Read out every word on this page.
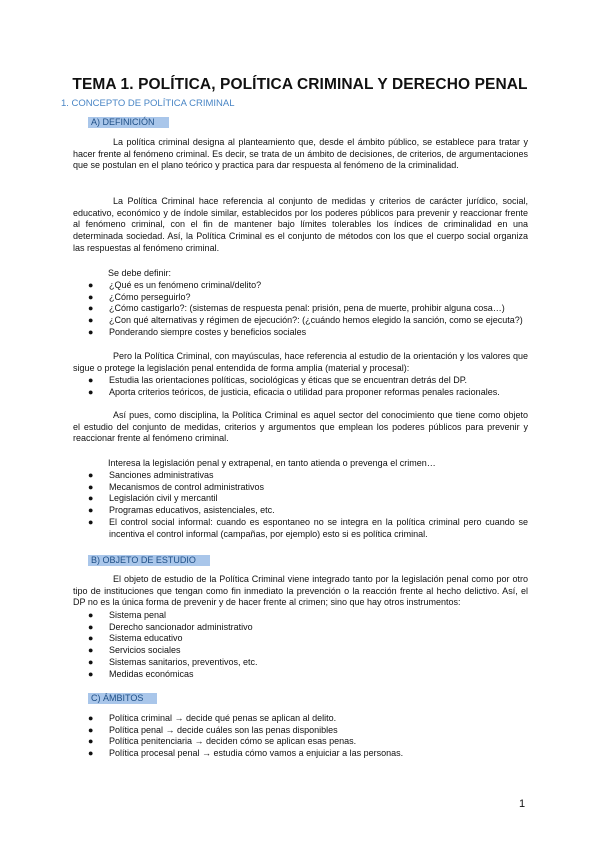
TEMA 1. POLÍTICA, POLÍTICA CRIMINAL Y DERECHO PENAL
1. CONCEPTO DE POLÍTICA CRIMINAL
A) DEFINICIÓN

La política criminal designa al planteamiento que, desde el ámbito público, se establece para tratar y hacer frente al fenómeno criminal. Es decir, se trata de un ámbito de decisiones, de criterios, de argumentaciones que se postulan en el plano teórico y practica para dar respuesta al fenómeno de la criminalidad.

La Política Criminal hace referencia al conjunto de medidas y criterios de carácter jurídico, social, educativo, económico y de índole similar, establecidos por los poderes públicos para prevenir y reaccionar frente al fenómeno criminal, con el fin de mantener bajo límites tolerables los índices de criminalidad en una determinada sociedad. Así, la Política Criminal es el conjunto de métodos con los que el cuerpo social organiza las respuestas al fenómeno criminal.

Se debe definir:

● ¿Qué es un fenómeno criminal/delito?
● ¿Cómo perseguirlo?
● ¿Cómo castigarlo?: (sistemas de respuesta penal: prisión, pena de muerte, prohibir alguna cosa…)
● ¿Con qué alternativas y régimen de ejecución?: (¿cuándo hemos elegido la sanción, como se ejecuta?)
● Ponderando siempre costes y beneficios sociales

Pero la Política Criminal, con mayúsculas, hace referencia al estudio de la orientación y los valores que sigue o protege la legislación penal entendida de forma amplia (material y procesal):

● Estudia las orientaciones políticas, sociológicas y éticas que se encuentran detrás del DP.
● Aporta criterios teóricos, de justicia, eficacia o utilidad para proponer reformas penales racionales.

Así pues, como disciplina, la Política Criminal es aquel sector del conocimiento que tiene como objeto el estudio del conjunto de medidas, criterios y argumentos que emplean los poderes públicos para prevenir y reaccionar frente al fenómeno criminal.

Interesa la legislación penal y extrapenal, en tanto atienda o prevenga el crimen…

● Sanciones administrativas
● Mecanismos de control administrativos
● Legislación civil y mercantil
● Programas educativos, asistenciales, etc.
● El control social informal: cuando es espontaneo no se integra en la política criminal pero cuando se incentiva el control informal (campañas, por ejemplo) esto si es política criminal.
B) OBJETO DE ESTUDIO

El objeto de estudio de la Política Criminal viene integrado tanto por la legislación penal como por otro tipo de instituciones que tengan como fin inmediato la prevención o la reacción frente al hecho delictivo. Así, el DP no es la única forma de prevenir y de hacer frente al crimen; sino que hay otros instrumentos:

● Sistema penal
● Derecho sancionador administrativo
● Sistema educativo
● Servicios sociales
● Sistemas sanitarios, preventivos, etc.
● Medidas económicas
C) ÁMBITOS
● Política criminal → decide qué penas se aplican al delito.
● Política penal → decide cuáles son las penas disponibles
● Política penitenciaria → deciden cómo se aplican esas penas.
● Política procesal penal → estudia cómo vamos a enjuiciar a las personas.
1
